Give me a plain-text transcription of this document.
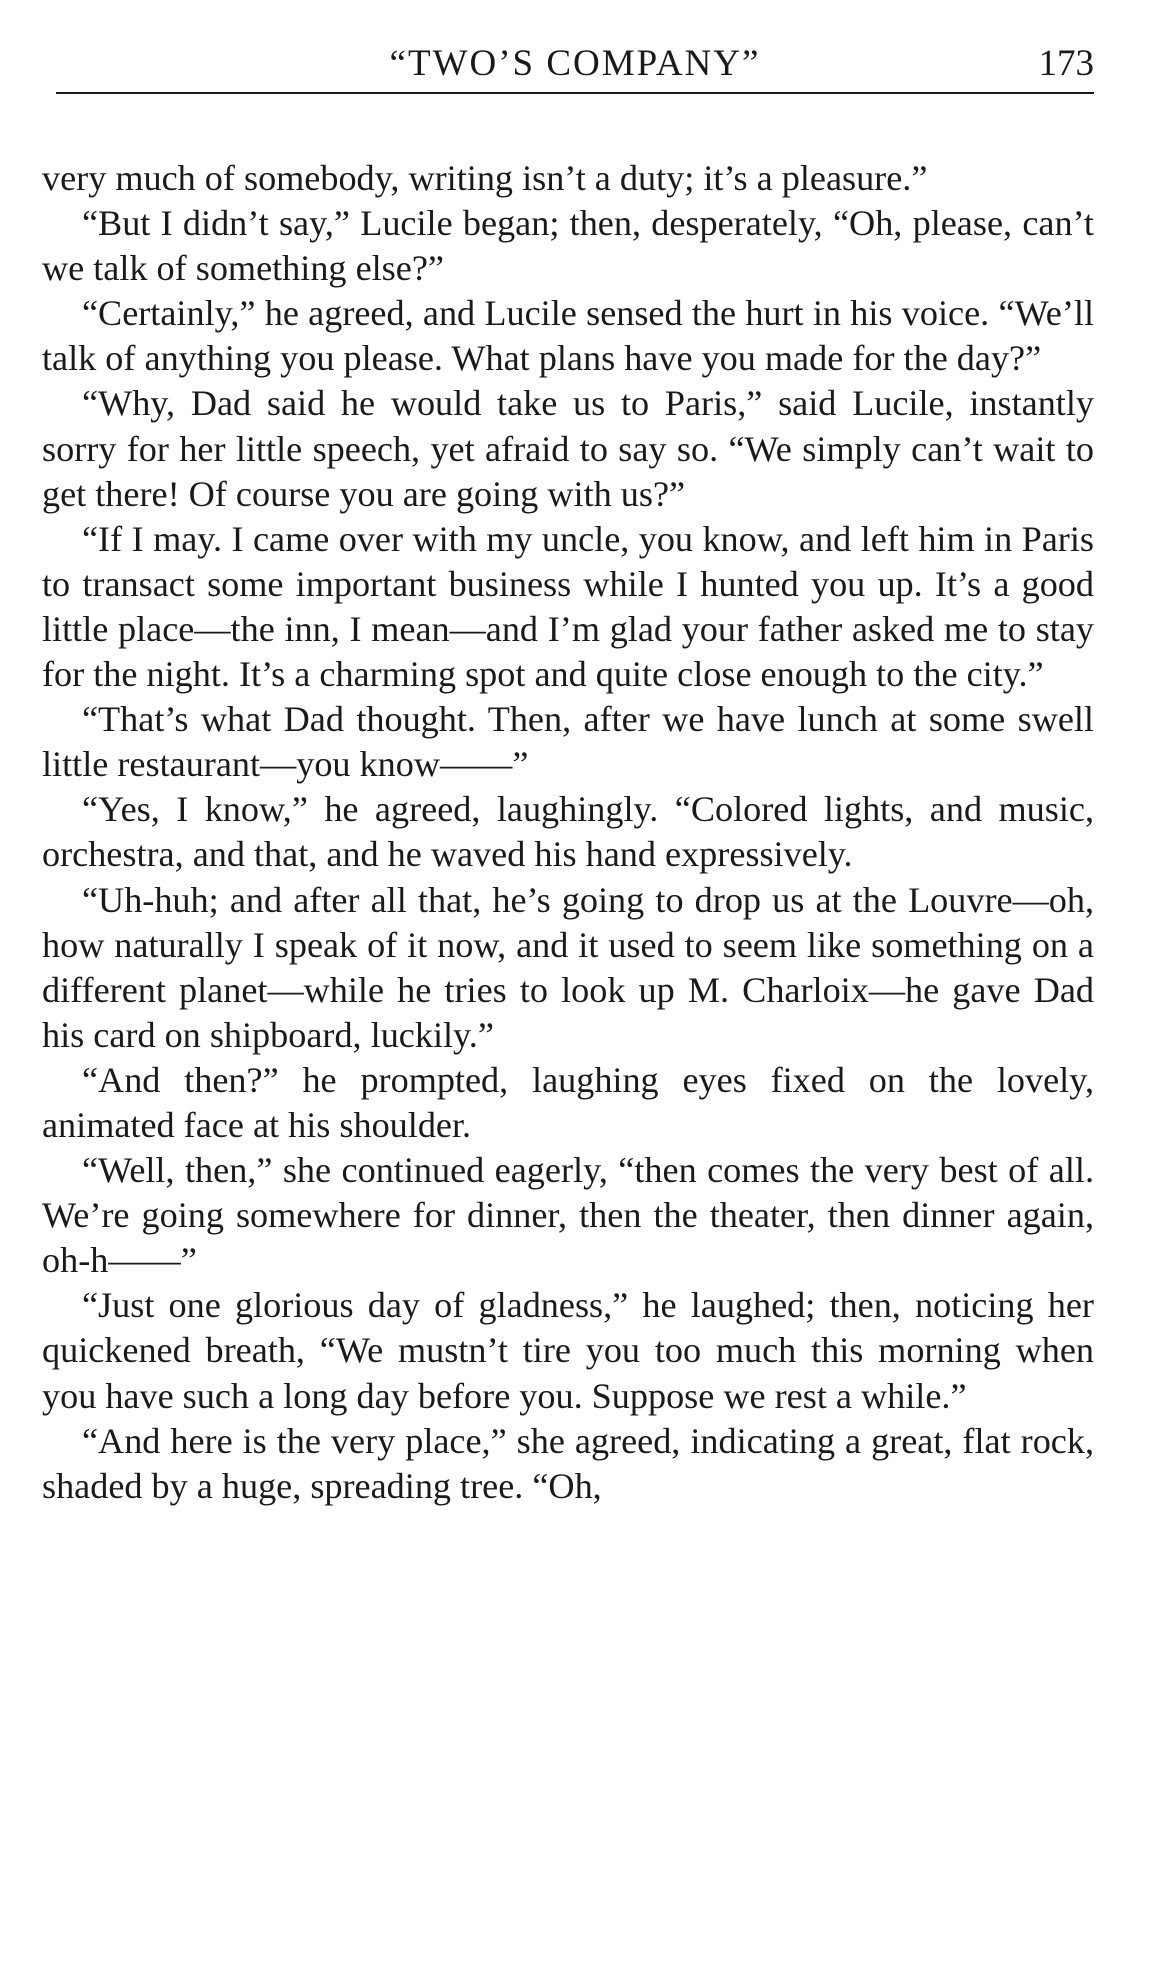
“TWO’S COMPANY”	173

very much of somebody, writing isn’t a duty; it’s a pleasure.”

“But I didn’t say,” Lucile began; then, desperately, “Oh, please, can’t we talk of something else?”

“Certainly,” he agreed, and Lucile sensed the hurt in his voice. “We’ll talk of anything you please. What plans have you made for the day?”

“Why, Dad said he would take us to Paris,” said Lucile, instantly sorry for her little speech, yet afraid to say so. “We simply can’t wait to get there! Of course you are going with us?”

“If I may. I came over with my uncle, you know, and left him in Paris to transact some important business while I hunted you up. It’s a good little place—the inn, I mean—and I’m glad your father asked me to stay for the night. It’s a charming spot and quite close enough to the city.”

“That’s what Dad thought. Then, after we have lunch at some swell little restaurant—you know——”

“Yes, I know,” he agreed, laughingly. “Colored lights, and music, orchestra, and that, and he waved his hand expressively.

“Uh-huh; and after all that, he’s going to drop us at the Louvre—oh, how naturally I speak of it now, and it used to seem like something on a different planet—while he tries to look up M. Charloix—he gave Dad his card on shipboard, luckily.”

“And then?” he prompted, laughing eyes fixed on the lovely, animated face at his shoulder.

“Well, then,” she continued eagerly, “then comes the very best of all. We’re going somewhere for dinner, then the theater, then dinner again, oh-h——”

“Just one glorious day of gladness,” he laughed; then, noticing her quickened breath, “We mustn’t tire you too much this morning when you have such a long day before you. Suppose we rest a while.”

“And here is the very place,” she agreed, indicating a great, flat rock, shaded by a huge, spreading tree. “Oh,
